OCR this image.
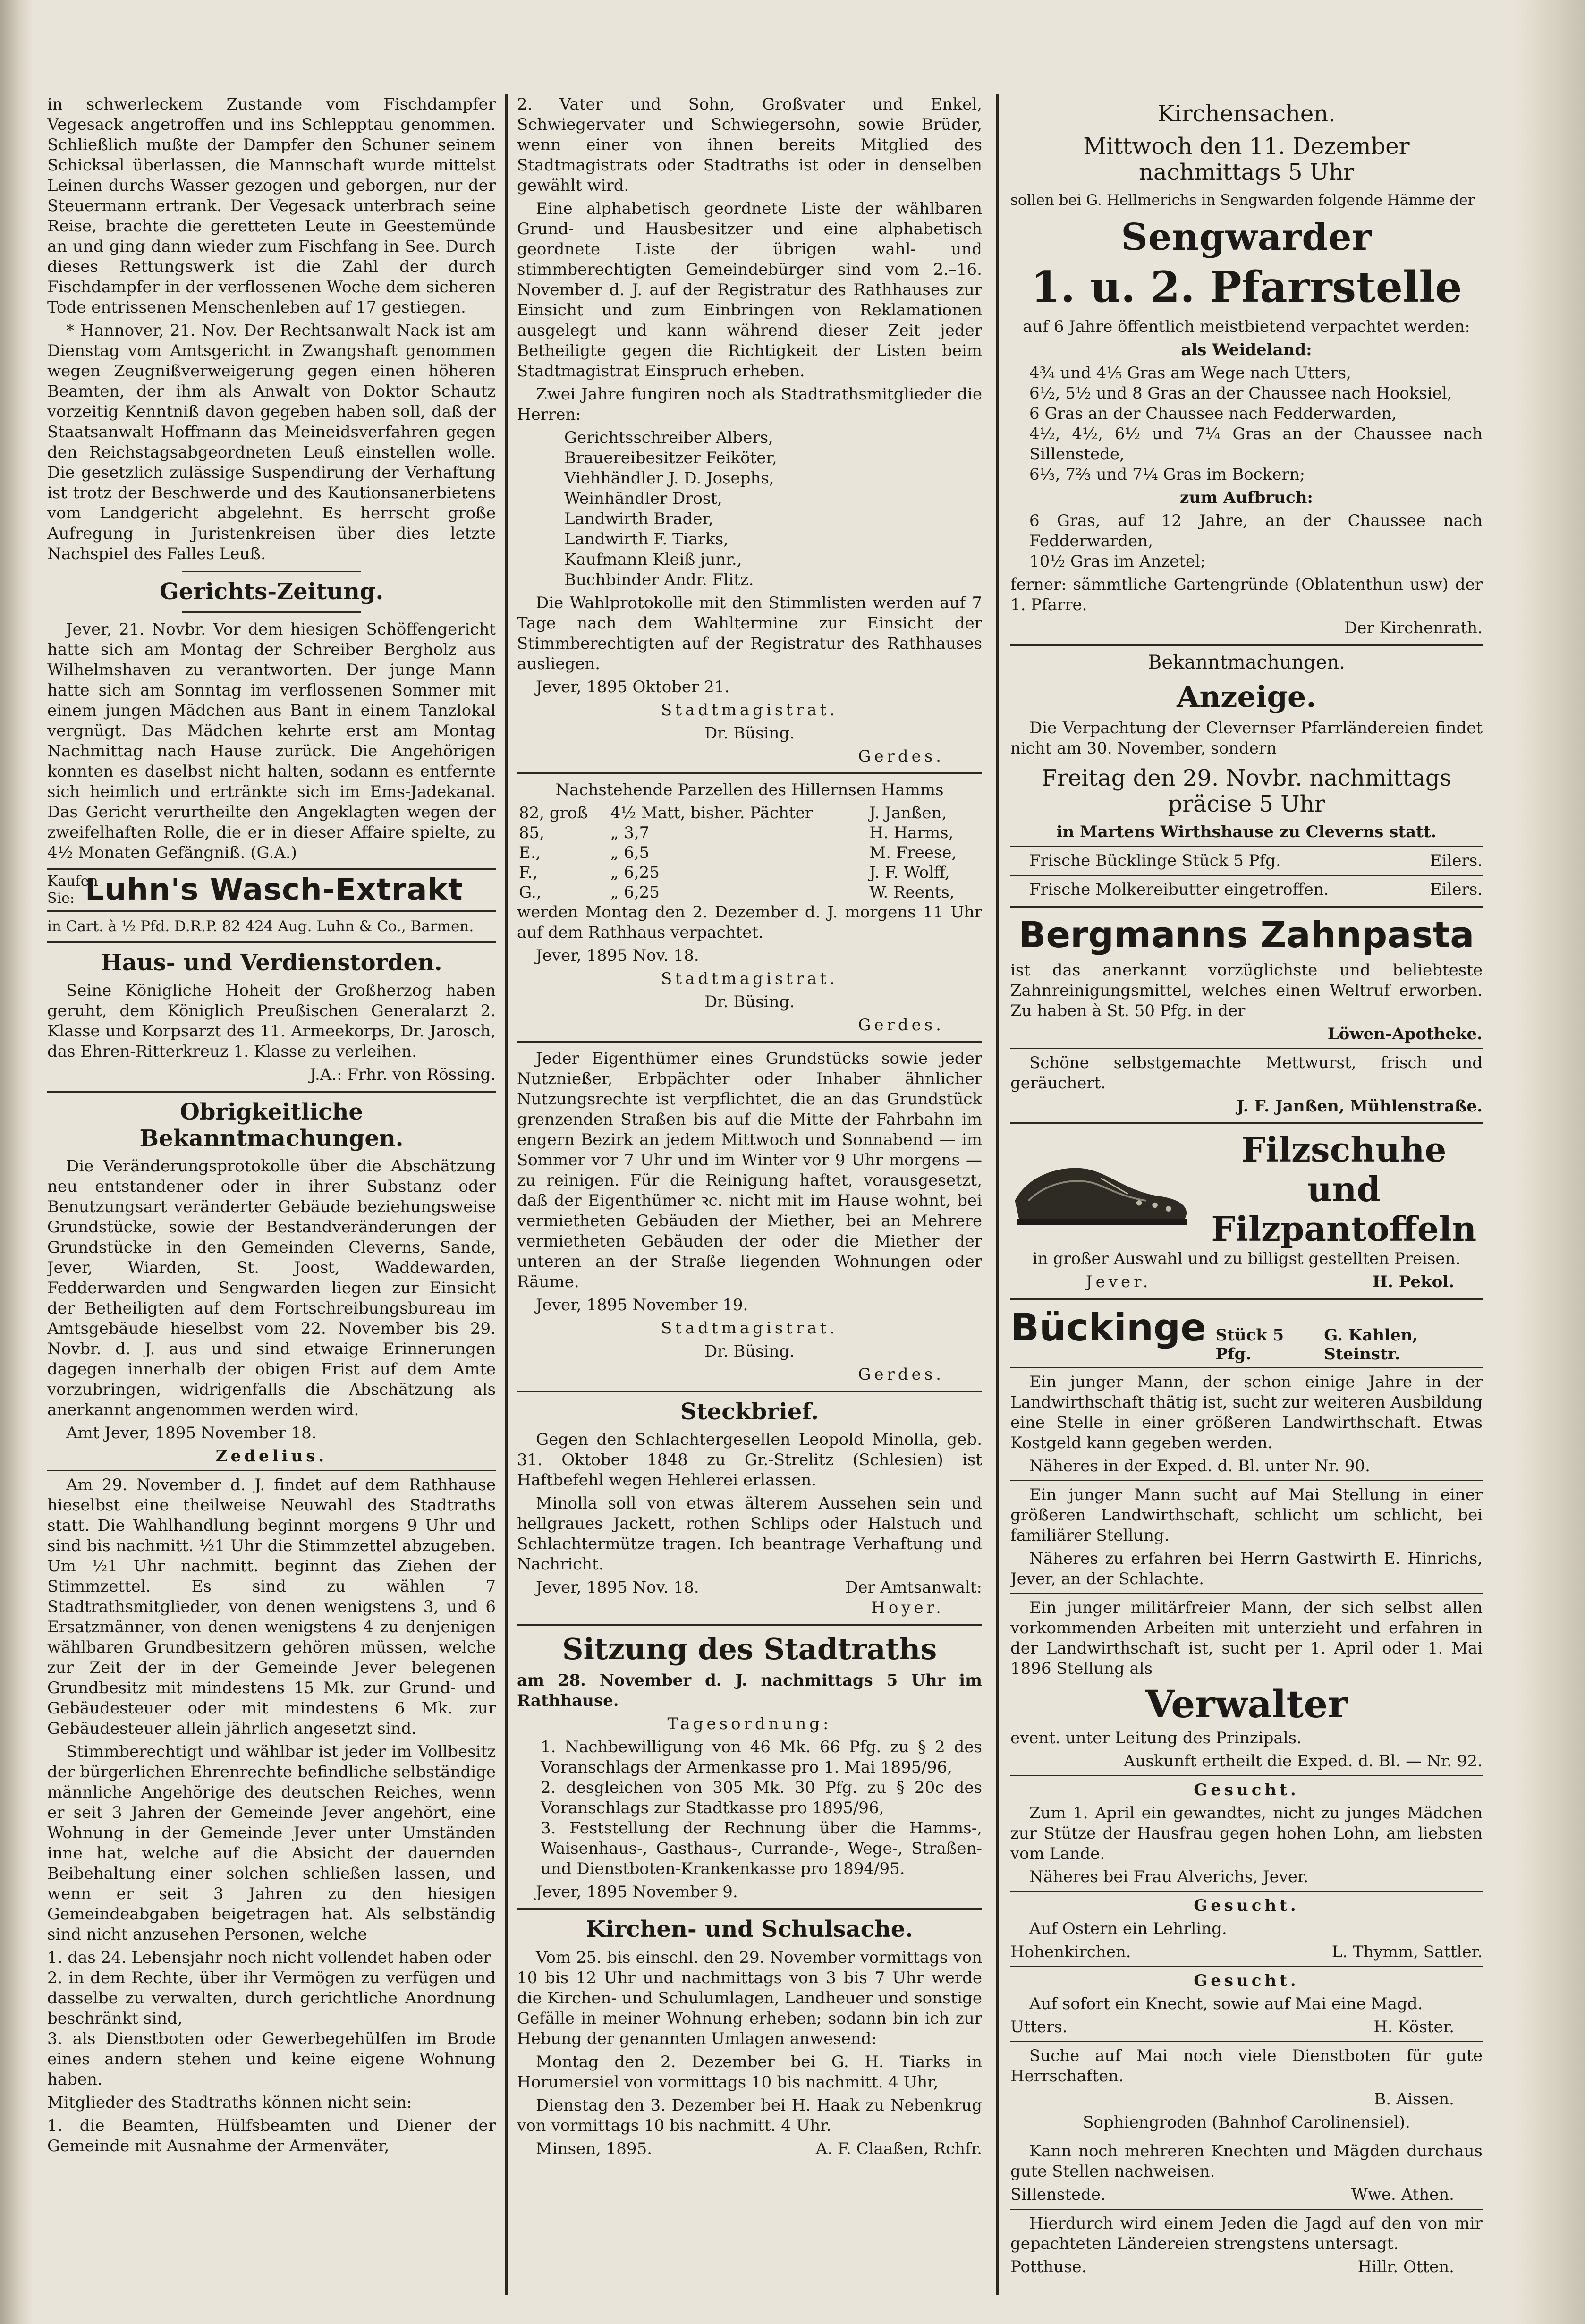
in schwerleckem Zustande vom Fischdampfer Vegesack angetroffen und ins Schlepptau genommen. Schließlich mußte der Dampfer den Schuner seinem Schicksal überlassen, die Mannschaft wurde mittelst Leinen durchs Wasser gezogen und geborgen, nur der Steuermann ertrank. Der Vegesack unterbrach seine Reise, brachte die geretteten Leute in Geestemünde an und ging dann wieder zum Fischfang in See. Durch dieses Rettungswerk ist die Zahl der durch Fischdampfer in der verflossenen Woche dem sicheren Tode entrissenen Menschenleben auf 17 gestiegen.

* Hannover, 21. Nov. Der Rechtsanwalt Nack ist am Dienstag vom Amtsgericht in Zwangshaft genommen wegen Zeugnißverweigerung gegen einen höheren Beamten, der ihm als Anwalt von Doktor Schautz vorzeitig Kenntniß davon gegeben haben soll, daß der Staatsanwalt Hoffmann das Meineidsverfahren gegen den Reichstagsabgeordneten Leuß einstellen wolle. Die gesetzlich zulässige Suspendirung der Verhaftung ist trotz der Beschwerde und des Kautionsanerbietens vom Landgericht abgelehnt. Es herrscht große Aufregung in Juristenkreisen über dies letzte Nachspiel des Falles Leuß.

Gerichts-Zeitung.

Jever, 21. Novbr. Vor dem hiesigen Schöffengericht hatte sich am Montag der Schreiber Bergholz aus Wilhelmshaven zu verantworten. Der junge Mann hatte sich am Sonntag im verflossenen Sommer mit einem jungen Mädchen aus Bant in einem Tanzlokal vergnügt. Das Mädchen kehrte erst am Montag Nachmittag nach Hause zurück. Die Angehörigen konnten es daselbst nicht halten, sodann es entfernte sich heimlich und ertränkte sich im Ems-Jadekanal. Das Gericht verurtheilte den Angeklagten wegen der zweifelhaften Rolle, die er in dieser Affaire spielte, zu 4½ Monaten Gefängniß. (G.A.)

Kaufen Sie: Luhn's Wasch-Extrakt

in Cart. à ½ Pfd. D.R.P. 82 424 Aug. Luhn & Co., Barmen.

Haus- und Verdienstorden.

Seine Königliche Hoheit der Großherzog haben geruht, dem Königlich Preußischen Generalarzt 2. Klasse und Korpsarzt des 11. Armeekorps, Dr. Jarosch, das Ehren-Ritterkreuz 1. Klasse zu verleihen.

J.A.: Frhr. von Rössing.

Obrigkeitliche Bekanntmachungen.

Die Veränderungsprotokolle über die Abschätzung neu entstandener oder in ihrer Substanz oder Benutzungsart veränderter Gebäude beziehungsweise Grundstücke, sowie der Bestandveränderungen der Grundstücke in den Gemeinden Cleverns, Sande, Jever, Wiarden, St. Joost, Waddewarden, Fedderwarden und Sengwarden liegen zur Einsicht der Betheiligten auf dem Fortschreibungsbureau im Amtsgebäude hieselbst vom 22. November bis 29. Novbr. d. J. aus und sind etwaige Erinnerungen dagegen innerhalb der obigen Frist auf dem Amte vorzubringen, widrigenfalls die Abschätzung als anerkannt angenommen werden wird.

Amt Jever, 1895 November 18.

Zedelius.

Am 29. November d. J. findet auf dem Rathhause hieselbst eine theilweise Neuwahl des Stadtraths statt. Die Wahlhandlung beginnt morgens 9 Uhr und sind bis nachmitt. ½1 Uhr die Stimmzettel abzugeben. Um ½1 Uhr nachmitt. beginnt das Ziehen der Stimmzettel. Es sind zu wählen 7 Stadtrathsmitglieder, von denen wenigstens 3, und 6 Ersatzmänner, von denen wenigstens 4 zu denjenigen wählbaren Grundbesitzern gehören müssen, welche zur Zeit der in der Gemeinde Jever belegenen Grundbesitz mit mindestens 15 Mk. zur Grund- und Gebäudesteuer oder mit mindestens 6 Mk. zur Gebäudesteuer allein jährlich angesetzt sind.

Stimmberechtigt und wählbar ist jeder im Vollbesitz der bürgerlichen Ehrenrechte befindliche selbständige männliche Angehörige des deutschen Reiches, wenn er seit 3 Jahren der Gemeinde Jever angehört, eine Wohnung in der Gemeinde Jever unter Umständen inne hat, welche auf die Absicht der dauernden Beibehaltung einer solchen schließen lassen, und wenn er seit 3 Jahren zu den hiesigen Gemeindeabgaben beigetragen hat. Als selbständig sind nicht anzusehen Personen, welche

1. das 24. Lebensjahr noch nicht vollendet haben oder
2. in dem Rechte, über ihr Vermögen zu verfügen und dasselbe zu verwalten, durch gerichtliche Anordnung beschränkt sind,
3. als Dienstboten oder Gewerbegehülfen im Brode eines andern stehen und keine eigene Wohnung haben.

Mitglieder des Stadtraths können nicht sein:

1. die Beamten, Hülfsbeamten und Diener der Gemeinde mit Ausnahme der Armenväter,

2. Vater und Sohn, Großvater und Enkel, Schwiegervater und Schwiegersohn, sowie Brüder, wenn einer von ihnen bereits Mitglied des Stadtmagistrats oder Stadtraths ist oder in denselben gewählt wird.

Eine alphabetisch geordnete Liste der wählbaren Grund- und Hausbesitzer und eine alphabetisch geordnete Liste der übrigen wahl- und stimmberechtigten Gemeindebürger sind vom 2.–16. November d. J. auf der Registratur des Rathhauses zur Einsicht und zum Einbringen von Reklamationen ausgelegt und kann während dieser Zeit jeder Betheiligte gegen die Richtigkeit der Listen beim Stadtmagistrat Einspruch erheben.

Zwei Jahre fungiren noch als Stadtrathsmitglieder die Herren:

Gerichtsschreiber Albers,
Brauereibesitzer Feiköter,
Viehhändler J. D. Josephs,
Weinhändler Drost,
Landwirth Brader,
Landwirth F. Tiarks,
Kaufmann Kleiß junr.,
Buchbinder Andr. Flitz.

Die Wahlprotokolle mit den Stimmlisten werden auf 7 Tage nach dem Wahltermine zur Einsicht der Stimmberechtigten auf der Registratur des Rathhauses ausliegen.

Jever, 1895 Oktober 21.

Stadtmagistrat.

Dr. Büsing.

Gerdes.

Nachstehende Parzellen des Hillernsen Hamms

82, groß	4½ Matt, bisher. Pächter	J. Janßen,
85,	„ 3,7	H. Harms,
E.,	„ 6,5	M. Freese,
F.,	„ 6,25	J. F. Wolff,
G.,	„ 6,25	W. Reents,

werden Montag den 2. Dezember d. J. morgens 11 Uhr auf dem Rathhaus verpachtet.

Jever, 1895 Nov. 18.

Stadtmagistrat.

Dr. Büsing.

Gerdes.

Jeder Eigenthümer eines Grundstücks sowie jeder Nutznießer, Erbpächter oder Inhaber ähnlicher Nutzungsrechte ist verpflichtet, die an das Grundstück grenzenden Straßen bis auf die Mitte der Fahrbahn im engern Bezirk an jedem Mittwoch und Sonnabend — im Sommer vor 7 Uhr und im Winter vor 9 Uhr morgens — zu reinigen. Für die Reinigung haftet, vorausgesetzt, daß der Eigenthümer ꝛc. nicht mit im Hause wohnt, bei vermietheten Gebäuden der Miether, bei an Mehrere vermietheten Gebäuden der oder die Miether der unteren an der Straße liegenden Wohnungen oder Räume.

Jever, 1895 November 19.

Stadtmagistrat.

Dr. Büsing.

Gerdes.

Steckbrief.

Gegen den Schlachtergesellen Leopold Minolla, geb. 31. Oktober 1848 zu Gr.-Strelitz (Schlesien) ist Haftbefehl wegen Hehlerei erlassen.

Minolla soll von etwas älterem Aussehen sein und hellgraues Jackett, rothen Schlips oder Halstuch und Schlachtermütze tragen. Ich beantrage Verhaftung und Nachricht.

Jever, 1895 Nov. 18.	Der Amtsanwalt:

Hoyer.

Sitzung des Stadtraths

am 28. November d. J. nachmittags 5 Uhr im Rathhause.

Tagesordnung:

1. Nachbewilligung von 46 Mk. 66 Pfg. zu § 2 des Voranschlags der Armenkasse pro 1. Mai 1895/96,
2. desgleichen von 305 Mk. 30 Pfg. zu § 20c des Voranschlags zur Stadtkasse pro 1895/96,
3. Feststellung der Rechnung über die Hamms-, Waisenhaus-, Gasthaus-, Currande-, Wege-, Straßen- und Dienstboten-Krankenkasse pro 1894/95.

Jever, 1895 November 9.

Kirchen- und Schulsache.

Vom 25. bis einschl. den 29. November vormittags von 10 bis 12 Uhr und nachmittags von 3 bis 7 Uhr werde die Kirchen- und Schulumlagen, Landheuer und sonstige Gefälle in meiner Wohnung erheben; sodann bin ich zur Hebung der genannten Umlagen anwesend:

Montag den 2. Dezember bei G. H. Tiarks in Horumersiel von vormittags 10 bis nachmitt. 4 Uhr,

Dienstag den 3. Dezember bei H. Haak zu Nebenkrug von vormittags 10 bis nachmitt. 4 Uhr.

Minsen, 1895.	A. F. Claaßen, Rchfr.
Kirchensachen.
Mittwoch den 11. Dezember nachmittags 5 Uhr

sollen bei G. Hellmerichs in Sengwarden folgende Hämme der

Sengwarder
1. u. 2. Pfarrstelle

auf 6 Jahre öffentlich meistbietend verpachtet werden:

als Weideland:

4¾ und 4⅕ Gras am Wege nach Utters,
6½, 5½ und 8 Gras an der Chaussee nach Hooksiel,
6 Gras an der Chaussee nach Fedderwarden,
4½, 4½, 6½ und 7¼ Gras an der Chaussee nach Sillenstede,
6⅓, 7⅔ und 7¼ Gras im Bockern;

zum Aufbruch:

6 Gras, auf 12 Jahre, an der Chaussee nach Fedderwarden,
10½ Gras im Anzetel;

ferner: sämmtliche Gartengründe (Oblatenthun usw) der 1. Pfarre.

Der Kirchenrath.

Bekanntmachungen.
Anzeige.

Die Verpachtung der Clevernser Pfarrländereien findet nicht am 30. November, sondern

Freitag den 29. Novbr. nachmittags präcise 5 Uhr

in Martens Wirthshause zu Cleverns statt.

Frische Bücklinge Stück 5 Pfg.	Eilers.
Frische Molkereibutter eingetroffen.	Eilers.
Bergmanns Zahnpasta

ist das anerkannt vorzüglichste und beliebteste Zahnreinigungsmittel, welches einen Weltruf erworben. Zu haben à St. 50 Pfg. in der

Löwen-Apotheke.

Schöne selbstgemachte Mettwurst, frisch und geräuchert.

J. F. Janßen, Mühlenstraße.

Filzschuhe und
Filzpantoffeln

in großer Auswahl und zu billigst gestellten Preisen.

Jever.	H. Pekol.
Bückinge Stück 5 Pfg.
G. Kahlen, Steinstr.

Ein junger Mann, der schon einige Jahre in der Landwirthschaft thätig ist, sucht zur weiteren Ausbildung eine Stelle in einer größeren Landwirthschaft. Etwas Kostgeld kann gegeben werden.

Näheres in der Exped. d. Bl. unter Nr. 90.

Ein junger Mann sucht auf Mai Stellung in einer größeren Landwirthschaft, schlicht um schlicht, bei familiärer Stellung.

Näheres zu erfahren bei Herrn Gastwirth E. Hinrichs, Jever, an der Schlachte.

Ein junger militärfreier Mann, der sich selbst allen vorkommenden Arbeiten mit unterzieht und erfahren in der Landwirthschaft ist, sucht per 1. April oder 1. Mai 1896 Stellung als

Verwalter

event. unter Leitung des Prinzipals.

Auskunft ertheilt die Exped. d. Bl. — Nr. 92.

Gesucht.

Zum 1. April ein gewandtes, nicht zu junges Mädchen zur Stütze der Hausfrau gegen hohen Lohn, am liebsten vom Lande.

Näheres bei Frau Alverichs, Jever.

Gesucht.

Auf Ostern ein Lehrling.

Hohenkirchen.	L. Thymm, Sattler.

Gesucht.

Auf sofort ein Knecht, sowie auf Mai eine Magd.

Utters.	H. Köster.

Suche auf Mai noch viele Dienstboten für gute Herrschaften.

B. Aissen.

Sophiengroden (Bahnhof Carolinensiel).

Kann noch mehreren Knechten und Mägden durchaus gute Stellen nachweisen.

Sillenstede.	Wwe. Athen.

Hierdurch wird einem Jeden die Jagd auf den von mir gepachteten Ländereien strengstens untersagt.

Potthuse.	Hillr. Otten.
